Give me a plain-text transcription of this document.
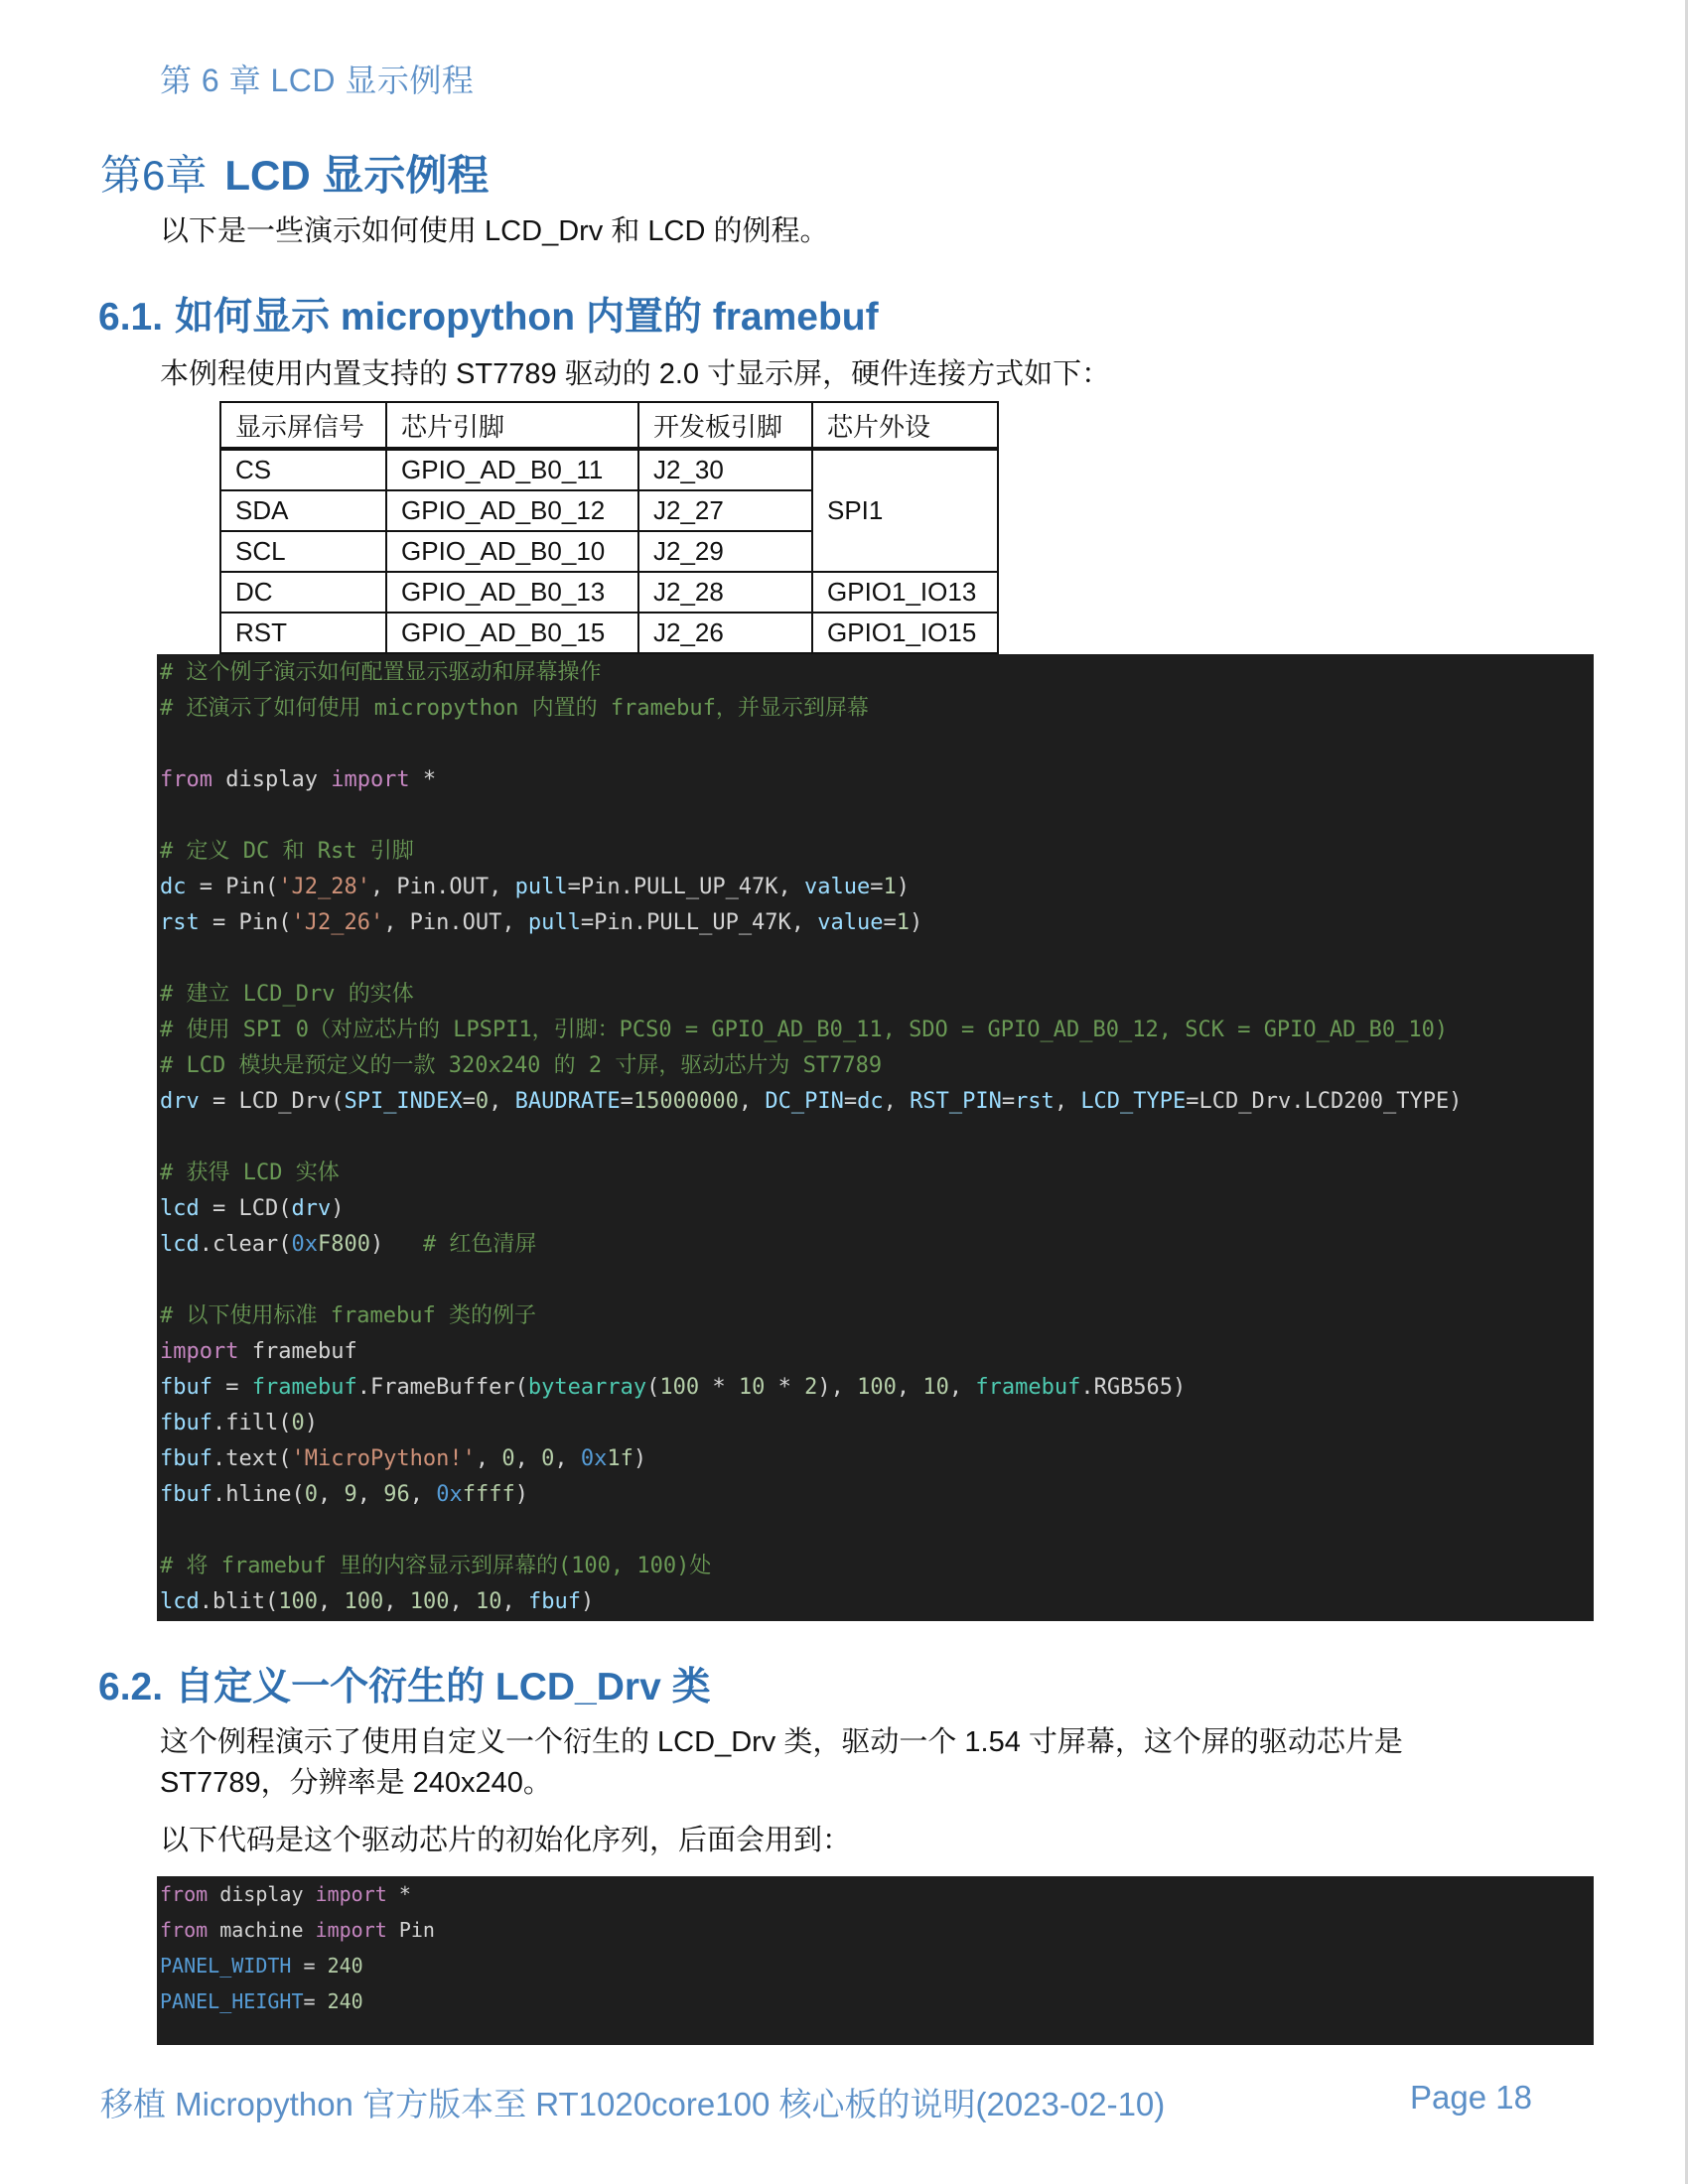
第 6 章 LCD 显示例程
第6章 LCD 显示例程
以下是一些演示如何使用 LCD_Drv 和 LCD 的例程。
6.1. 如何显示 micropython 内置的 framebuf
本例程使用内置支持的 ST7789 驱动的 2.0 寸显示屏，硬件连接方式如下：
显示屏信号	芯片引脚	开发板引脚	芯片外设
CS	GPIO_AD_B0_11	J2_30	SPI1
SDA	GPIO_AD_B0_12	J2_27	
SCL	GPIO_AD_B0_10	J2_29	
DC	GPIO_AD_B0_13	J2_28	GPIO1_IO13
RST	GPIO_AD_B0_15	J2_26	GPIO1_IO15
# 这个例子演示如何配置显示驱动和屏幕操作
# 还演示了如何使用 micropython 内置的 framebuf，并显示到屏幕
from display import *
# 定义 DC 和 Rst 引脚
dc = Pin('J2_28', Pin.OUT, pull=Pin.PULL_UP_47K, value=1)
rst = Pin('J2_26', Pin.OUT, pull=Pin.PULL_UP_47K, value=1)
# 建立 LCD_Drv 的实体
# 使用 SPI 0（对应芯片的 LPSPI1，引脚：PCS0 = GPIO_AD_B0_11, SDO = GPIO_AD_B0_12, SCK = GPIO_AD_B0_10)
# LCD 模块是预定义的一款 320x240 的 2 寸屏，驱动芯片为 ST7789
drv = LCD_Drv(SPI_INDEX=0, BAUDRATE=15000000, DC_PIN=dc, RST_PIN=rst, LCD_TYPE=LCD_Drv.LCD200_TYPE)
# 获得 LCD 实体
lcd = LCD(drv)
lcd.clear(0xF800)   # 红色清屏
# 以下使用标准 framebuf 类的例子
import framebuf
fbuf = framebuf.FrameBuffer(bytearray(100 * 10 * 2), 100, 10, framebuf.RGB565)
fbuf.fill(0)
fbuf.text('MicroPython!', 0, 0, 0x1f)
fbuf.hline(0, 9, 96, 0xffff)
# 将 framebuf 里的内容显示到屏幕的(100, 100)处
lcd.blit(100, 100, 100, 10, fbuf)
6.2. 自定义一个衍生的 LCD_Drv 类
这个例程演示了使用自定义一个衍生的 LCD_Drv 类，驱动一个 1.54 寸屏幕，这个屏的驱动芯片是
ST7789，分辨率是 240x240。
以下代码是这个驱动芯片的初始化序列，后面会用到：
from display import *
from machine import Pin
PANEL_WIDTH = 240
PANEL_HEIGHT= 240
移植 Micropython 官方版本至 RT1020core100 核心板的说明(2023-02-10)	Page 18
